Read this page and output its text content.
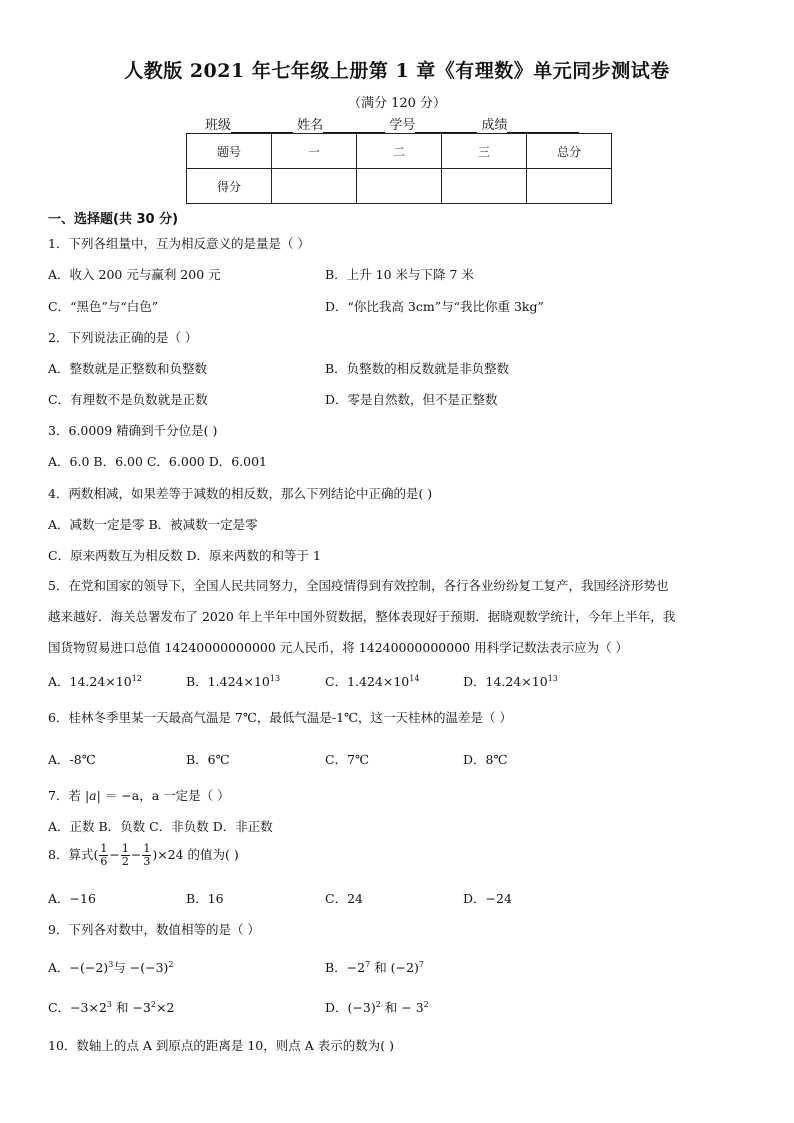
人教版 2021 年七年级上册第 1 章《有理数》单元同步测试卷
（满分 120 分）
班级	姓名	学号	成绩
题号	一	二	三	总分
得分				
一、选择题(共 30 分)
1．下列各组量中，互为相反意义的是量是（ ）
A．收入 200 元与赢利 200 元	B．上升 10 米与下降 7 米
C．“黑色”与“白色”	D．“你比我高 3cm”与“我比你重 3kg”
2．下列说法正确的是（ ）
A．整数就是正整数和负整数	B．负整数的相反数就是非负整数
C．有理数不是负数就是正数	D．零是自然数，但不是正整数
3．6.0009 精确到千分位是( )
A．6.0 B．6.00 C．6.000 D．6.001
4．两数相减，如果差等于减数的相反数，那么下列结论中正确的是( )
A．减数一定是零 B．被减数一定是零
C．原来两数互为相反数 D．原来两数的和等于 1
5．在党和国家的领导下，全国人民共同努力，全国疫情得到有效控制，各行各业纷纷复工复产，我国经济形势也
越来越好．海关总署发布了 2020 年上半年中国外贸数据，整体表现好于预期．据晓观数学统计，今年上半年，我
国货物贸易进口总值 14240000000000 元人民币，将 14240000000000 用科学记数法表示应为（ ）
A．$14.24\times 10^{12}$	B．$1.424\times 10^{13}$	C．$1.424\times 10^{14}$	D．$14.24\times 10^{13}$
6．桂林冬季里某一天最高气温是 7℃，最低气温是-1℃，这一天桂林的温差是（ ）
A．-8℃	B．6℃	C．7℃	D．8℃
7．若 |a| ＝ −a，a 一定是（ ）
A．正数 B．负数 C．非负数 D．非正数
8．算式( $\frac{1}{6} - \frac{1}{2} - \frac{1}{3} )\times 24$ 的值为( )
A．−16	B．16	C．24	D．−24
9．下列各对数中，数值相等的是（ ）
A．$-(-2)^3$与 $-(-3)^2$	B．$-2^7$ 和 $(-2)^7$
C．$-3\times 2^3$ 和 $-3^2\times 2$	D．$(-3)^2$ 和 − $3^2$
10．数轴上的点 A 到原点的距离是 10，则点 A 表示的数为( )
